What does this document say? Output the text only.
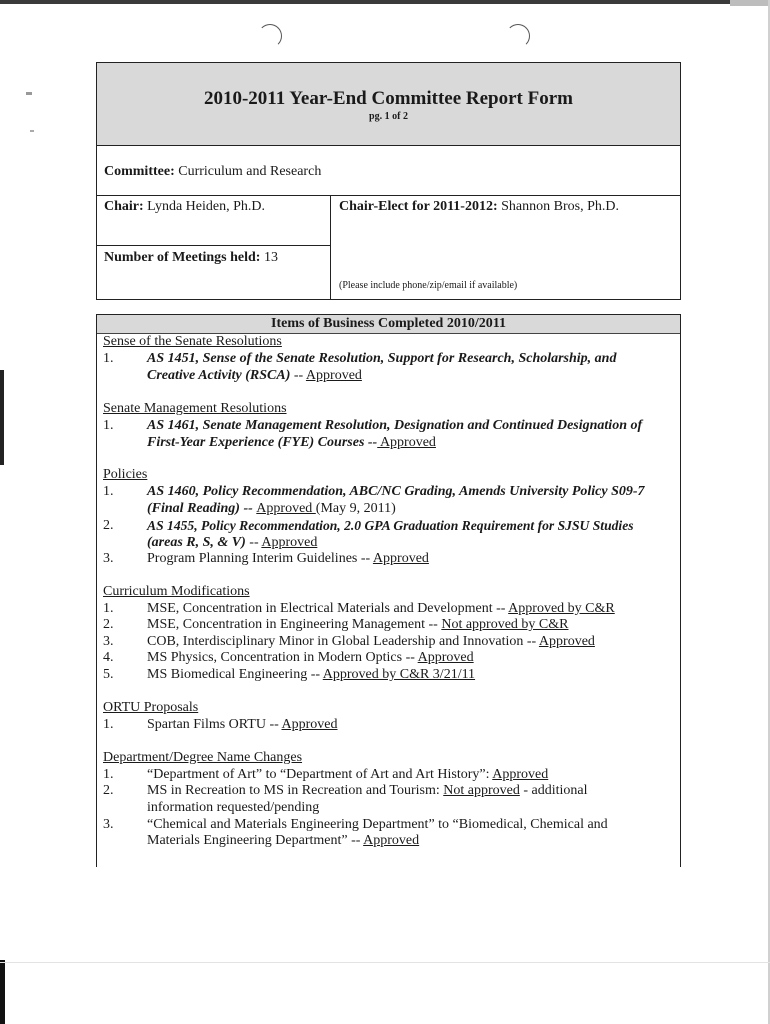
2010-2011 Year-End Committee Report Form
pg. 1 of 2
Committee: Curriculum and Research
Chair: Lynda Heiden, Ph.D.
Number of Meetings held: 13
Chair-Elect for 2011-2012: Shannon Bros, Ph.D.
(Please include phone/zip/email if available)
Items of Business Completed 2010/2011
Sense of the Senate Resolutions
1. AS 1451, Sense of the Senate Resolution, Support for Research, Scholarship, and
Creative Activity (RSCA) -- Approved
Senate Management Resolutions
1. AS 1461, Senate Management Resolution, Designation and Continued Designation of
First-Year Experience (FYE) Courses -- Approved
Policies
1. AS 1460, Policy Recommendation, ABC/NC Grading, Amends University Policy S09-7
(Final Reading) -- Approved (May 9, 2011)
2. AS 1455, Policy Recommendation, 2.0 GPA Graduation Requirement for SJSU Studies
(areas R, S, & V) -- Approved
3. Program Planning Interim Guidelines -- Approved
Curriculum Modifications
1. MSE, Concentration in Electrical Materials and Development -- Approved by C&R
2. MSE, Concentration in Engineering Management -- Not approved by C&R
3. COB, Interdisciplinary Minor in Global Leadership and Innovation -- Approved
4. MS Physics, Concentration in Modern Optics -- Approved
5. MS Biomedical Engineering -- Approved by C&R 3/21/11
ORTU Proposals
1. Spartan Films ORTU -- Approved
Department/Degree Name Changes
1. “Department of Art” to “Department of Art and Art History”: Approved
2. MS in Recreation to MS in Recreation and Tourism: Not approved - additional
information requested/pending
3. “Chemical and Materials Engineering Department” to “Biomedical, Chemical and
Materials Engineering Department” -- Approved
